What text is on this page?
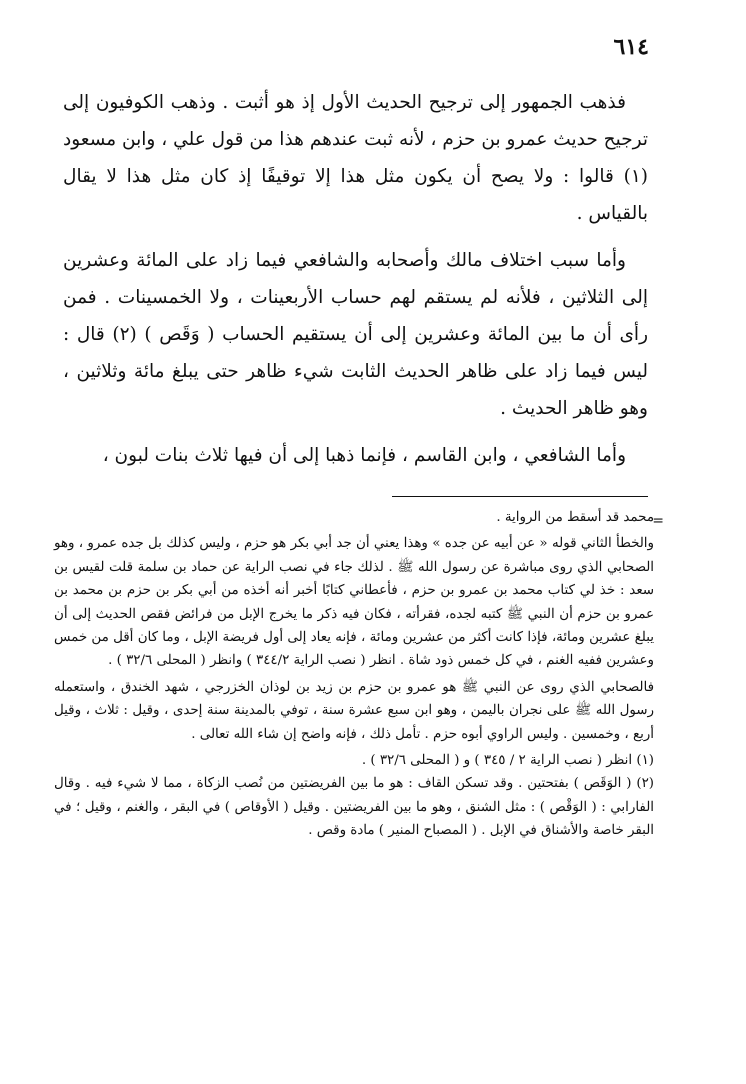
٦١٤

فذهب الجمهور إلى ترجيح الحديث الأول إذ هو أثبت . وذهب الكوفيون إلى ترجيح حديث عمرو بن حزم ، لأنه ثبت عندهم هذا من قول علي ، وابن مسعود (١) قالوا : ولا يصح أن يكون مثل هذا إلا توقيفًا إذ كان مثل هذا لا يقال بالقياس .

وأما سبب اختلاف مالك وأصحابه والشافعي فيما زاد على المائة وعشرين إلى الثلاثين ، فلأنه لم يستقم لهم حساب الأربعينات ، ولا الخمسينات . فمن رأى أن ما بين المائة وعشرين إلى أن يستقيم الحساب ( وَقَص ) (٢) قال : ليس فيما زاد على ظاهر الحديث الثابت شيء ظاهر حتى يبلغ مائة وثلاثين ، وهو ظاهر الحديث .

وأما الشافعي ، وابن القاسم ، فإنما ذهبا إلى أن فيها ثلاث بنات لبون ،

=
محمد قد أسقط من الرواية .
والخطأ الثاني قوله « عن أبيه عن جده » وهذا يعني أن جد أبي بكر هو حزم ، وليس كذلك بل جده عمرو ، وهو الصحابي الذي روى مباشرة عن رسول الله ﷺ . لذلك جاء في نصب الراية عن حماد بن سلمة قلت لقيس بن سعد : خذ لي كتاب محمد بن عمرو بن حزم ، فأعطاني كتابًا أخبر أنه أخذه من أبي بكر بن حزم بن محمد بن عمرو بن حزم أن النبي ﷺ كتبه لجده، فقرأته ، فكان فيه ذكر ما يخرج الإبل من فرائض فقص الحديث إلى أن يبلغ عشرين ومائة، فإذا كانت أكثر من عشرين ومائة ، فإنه يعاد إلى أول فريضة الإبل ، وما كان أقل من خمس وعشرين ففيه الغنم ، في كل خمس ذود شاة . انظر ( نصب الراية ٣٤٤/٢ ) وانظر ( المحلى ٣٢/٦ ) .
فالصحابي الذي روى عن النبي ﷺ هو عمرو بن حزم بن زيد بن لوذان الخزرجي ، شهد الخندق ، واستعمله رسول الله ﷺ على نجران باليمن ، وهو ابن سبع عشرة سنة ، توفي بالمدينة سنة إحدى ، وقيل : ثلاث ، وقيل أربع ، وخمسين . وليس الراوي أبوه حزم . تأمل ذلك ، فإنه واضح إن شاء الله تعالى .
(١) انظر ( نصب الراية ٢ / ٣٤٥ ) و ( المحلى ٣٢/٦ ) .
(٢) ( الوَقَص ) بفتحتين . وقد تسكن القاف : هو ما بين الفريضتين من نُصب الزكاة ، مما لا شيء فيه . وقال الفارابي : ( الوَقْص ) : مثل الشنق ، وهو ما بين الفريضتين . وقيل ( الأوقاص ) في البقر ، والغنم ، وقيل ؛ في البقر خاصة والأشناق في الإبل . ( المصباح المنير ) مادة وقص .
